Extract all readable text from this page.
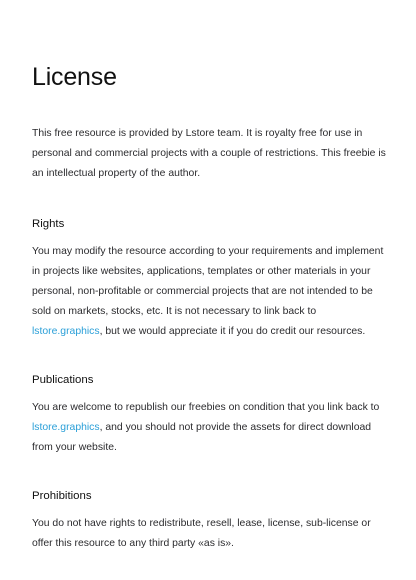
License

This free resource is provided by Lstore team. It is royalty free for use in personal and commercial projects with a couple of restrictions. This freebie is an intellectual property of the author.

Rights

You may modify the resource according to your requirements and implement in projects like websites, applications, templates or other materials in your personal, non-profitable or commercial projects that are not intended to be sold on markets, stocks, etc. It is not necessary to link back to lstore.graphics, but we would appreciate it if you do credit our resources.

Publications

You are welcome to republish our freebies on condition that you link back to lstore.graphics, and you should not provide the assets for direct download from your website.

Prohibitions

You do not have rights to redistribute, resell, lease, license, sub-license or offer this resource to any third party «as is».
